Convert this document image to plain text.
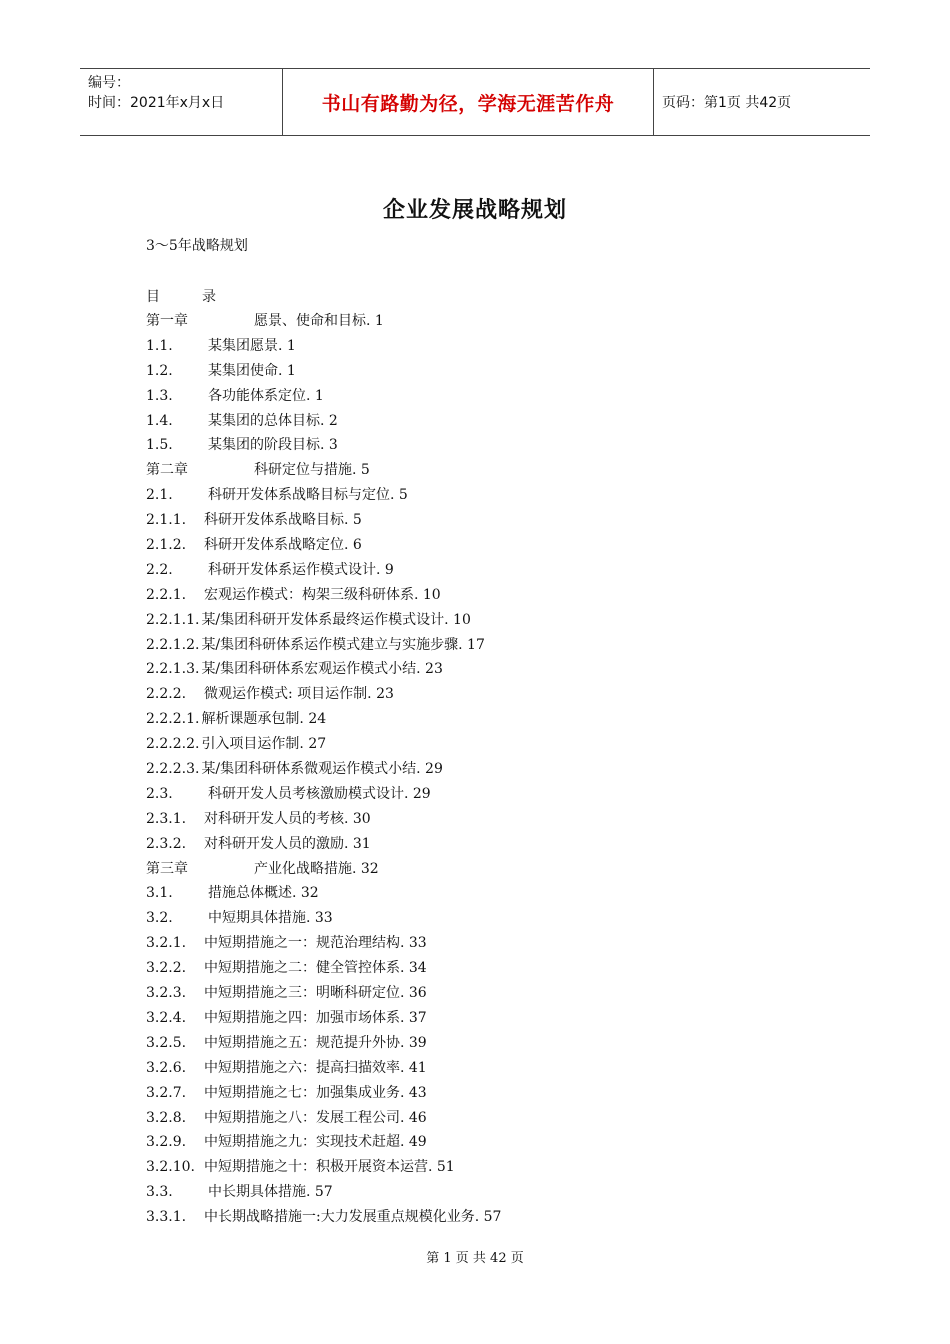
编号：
时间：2021年x月x日	书山有路勤为径，学海无涯苦作舟	页码：第1页 共42页
企业发展战略规划
3～5年战略规划
目	录
第一章	愿景、使命和目标. 1
1.1.	某集团愿景. 1
1.2.	某集团使命. 1
1.3.	各功能体系定位. 1
1.4.	某集团的总体目标. 2
1.5.	某集团的阶段目标. 3
第二章	科研定位与措施. 5
2.1.	科研开发体系战略目标与定位. 5
2.1.1. 科研开发体系战略目标. 5
2.1.2. 科研开发体系战略定位. 6
2.2.	科研开发体系运作模式设计. 9
2.2.1. 宏观运作模式：构架三级科研体系. 10
2.2.1.1. 某/集团科研开发体系最终运作模式设计. 10
2.2.1.2. 某/集团科研体系运作模式建立与实施步骤. 17
2.2.1.3. 某/集团科研体系宏观运作模式小结. 23
2.2.2. 微观运作模式: 项目运作制. 23
2.2.2.1. 解析课题承包制. 24
2.2.2.2. 引入项目运作制. 27
2.2.2.3. 某/集团科研体系微观运作模式小结. 29
2.3.	科研开发人员考核激励模式设计. 29
2.3.1. 对科研开发人员的考核. 30
2.3.2. 对科研开发人员的激励. 31
第三章	产业化战略措施. 32
3.1.	措施总体概述. 32
3.2.	中短期具体措施. 33
3.2.1. 中短期措施之一：规范治理结构. 33
3.2.2. 中短期措施之二：健全管控体系. 34
3.2.3. 中短期措施之三：明晰科研定位. 36
3.2.4. 中短期措施之四：加强市场体系. 37
3.2.5. 中短期措施之五：规范提升外协. 39
3.2.6. 中短期措施之六：提高扫描效率. 41
3.2.7. 中短期措施之七：加强集成业务. 43
3.2.8. 中短期措施之八：发展工程公司. 46
3.2.9. 中短期措施之九：实现技术赶超. 49
3.2.10. 中短期措施之十：积极开展资本运营. 51
3.3.	中长期具体措施. 57
3.3.1. 中长期战略措施一:大力发展重点规模化业务. 57
第 1 页 共 42 页
